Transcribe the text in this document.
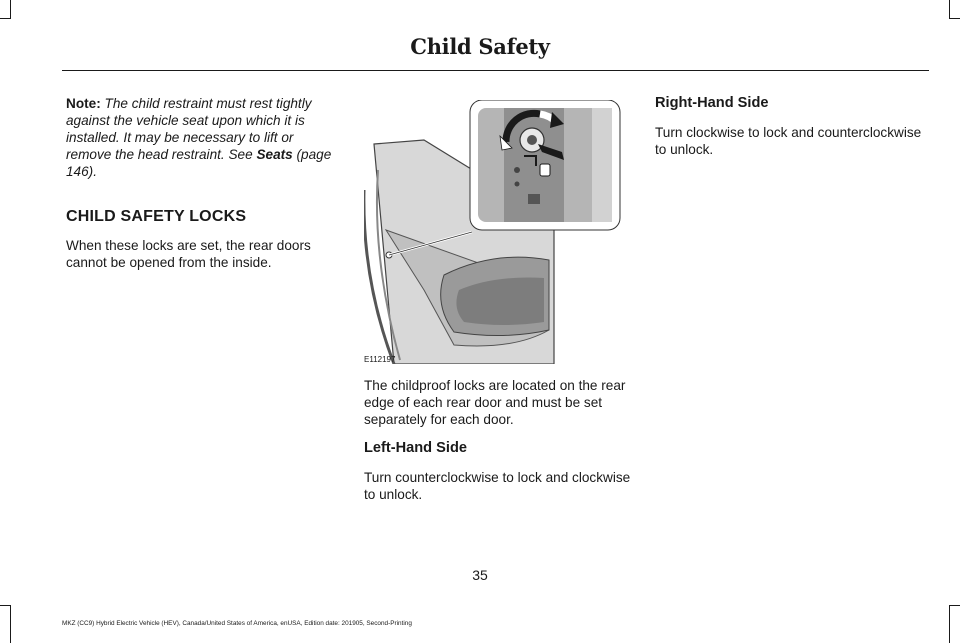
Child Safety

Note: The child restraint must rest tightly against the vehicle seat upon which it is installed. It may be necessary to lift or remove the head restraint. See Seats (page 146).

CHILD SAFETY LOCKS

When these locks are set, the rear doors cannot be opened from the inside.

E112197

The childproof locks are located on the rear edge of each rear door and must be set separately for each door.

Left-Hand Side

Turn counterclockwise to lock and clockwise to unlock.

Right-Hand Side

Turn clockwise to lock and counterclockwise to unlock.

35
MKZ (CC9) Hybrid Electric Vehicle (HEV), Canada/United States of America, enUSA, Edition date: 201905, Second-Printing
